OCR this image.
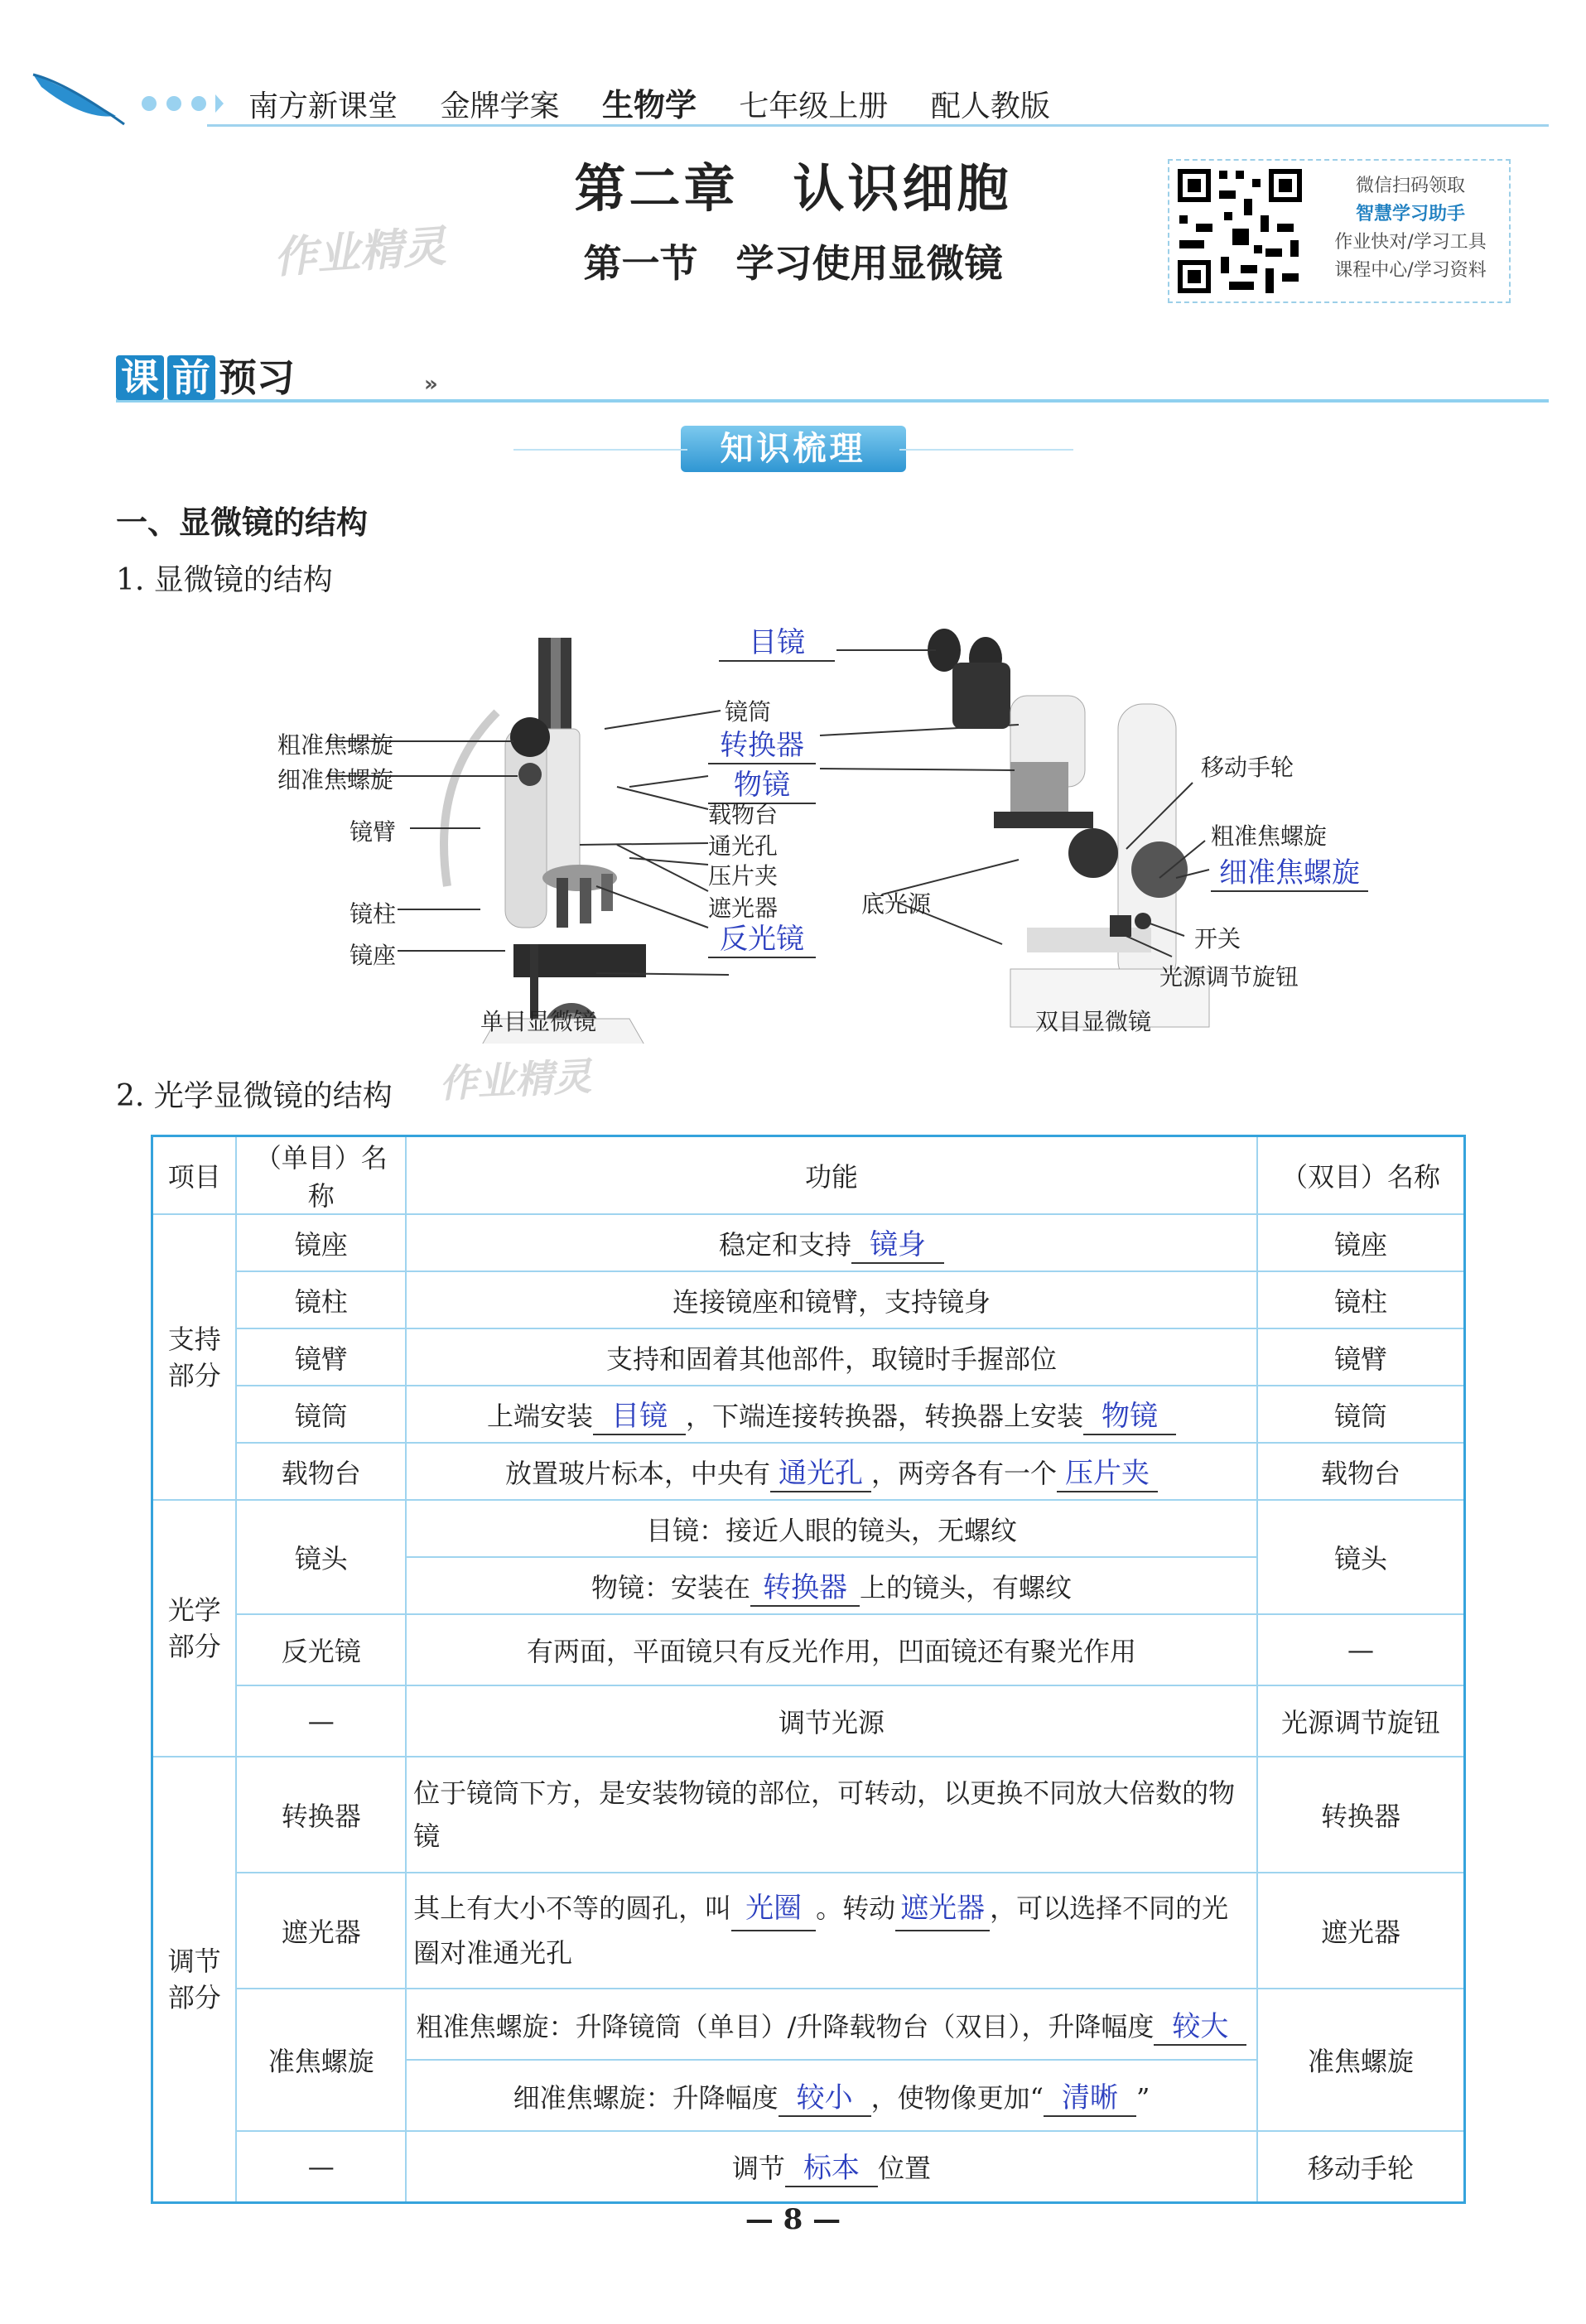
南方新课堂 金牌学案 生物学 七年级上册 配人教版
第二章　认识细胞
第一节　学习使用显微镜
作业精灵
微信扫码领取
智慧学习助手
作业快对/学习工具
课程中心/学习资料
课 前 预习	»
知识梳理
一、显微镜的结构
1. 显微镜的结构
粗准焦螺旋
细准焦螺旋
镜臂
镜柱
镜座
目镜
镜筒
转换器
物镜
载物台
通光孔
压片夹
遮光器
反光镜
底光源
移动手轮
粗准焦螺旋
细准焦螺旋
开关
光源调节旋钮
单目显微镜	双目显微镜
2. 光学显微镜的结构 作业精灵
项目	（单目）名称	功能	（双目）名称

支持部分	镜座	稳定和支持 镜身	镜座
	镜柱	连接镜座和镜臂，支持镜身	镜柱
	镜臂	支持和固着其他部件，取镜时手握部位	镜臂
	镜筒	上端安装 目镜 ，下端连接转换器，转换器上安装 物镜	镜筒
	载物台	放置玻片标本，中央有 通光孔 ，两旁各有一个 压片夹	载物台

光学部分	镜头	目镜：接近人眼的镜头，无螺纹	镜头
		物镜：安装在 转换器 上的镜头，有螺纹	
	反光镜	有两面，平面镜只有反光作用，凹面镜还有聚光作用	—
	—	调节光源	光源调节旋钮

调节部分	转换器	位于镜筒下方，是安装物镜的部位，可转动，以更换不同放大倍数的物镜	转换器
	遮光器	其上有大小不等的圆孔，叫 光圈 。转动 遮光器 ，可以选择不同的光圈对准通光孔	遮光器
	准焦螺旋	粗准焦螺旋：升降镜筒（单目）/升降载物台（双目），升降幅度 较大	准焦螺旋
		细准焦螺旋：升降幅度 较小 ，使物像更加“ 清晰 ”	
	—	调节 标本 位置	移动手轮
— 8 —
